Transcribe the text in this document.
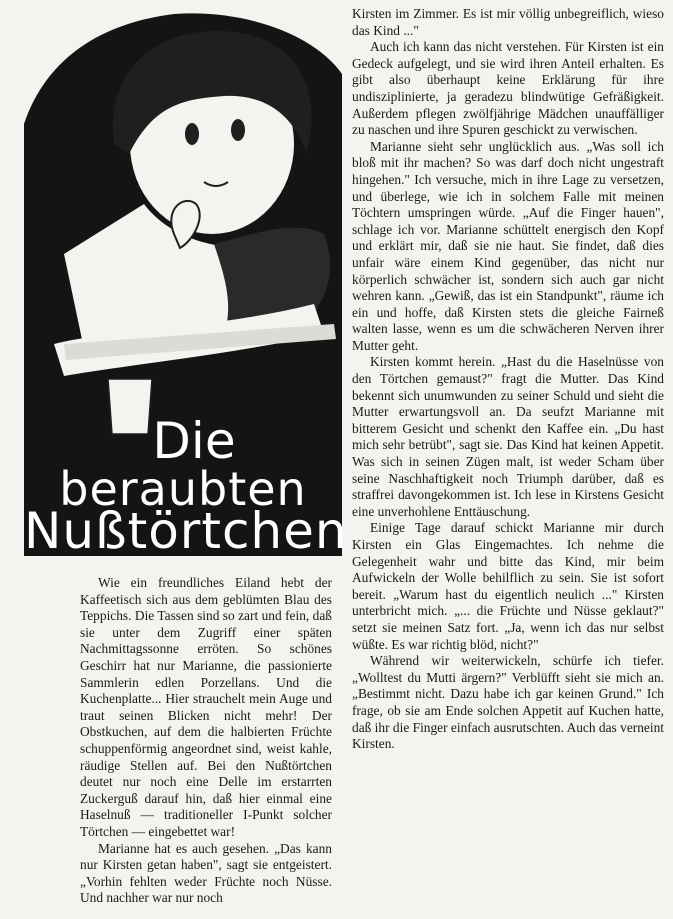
Die
beraubten
Nußtörtchen

Wie ein freundliches Eiland hebt der Kaffeetisch sich aus dem geblümten Blau des Teppichs. Die Tassen sind so zart und fein, daß sie unter dem Zugriff einer späten Nachmittagssonne erröten. So schönes Geschirr hat nur Marianne, die passionierte Sammlerin edlen Porzellans. Und die Kuchenplatte... Hier strauchelt mein Auge und traut seinen Blicken nicht mehr! Der Obstkuchen, auf dem die halbierten Früchte schuppenförmig angeordnet sind, weist kahle, räudige Stellen auf. Bei den Nußtörtchen deutet nur noch eine Delle im erstarrten Zuckerguß darauf hin, daß hier einmal eine Haselnuß — traditioneller I-Punkt solcher Törtchen — eingebettet war!

Marianne hat es auch gesehen. „Das kann nur Kirsten getan haben", sagt sie entgeistert. „Vorhin fehlten weder Früchte noch Nüsse. Und nachher war nur noch

Kirsten im Zimmer. Es ist mir völlig unbegreiflich, wieso das Kind ..."

Auch ich kann das nicht verstehen. Für Kirsten ist ein Gedeck aufgelegt, und sie wird ihren Anteil erhalten. Es gibt also überhaupt keine Erklärung für ihre undisziplinierte, ja geradezu blindwütige Gefräßigkeit. Außerdem pflegen zwölfjährige Mädchen unauffälliger zu naschen und ihre Spuren geschickt zu verwischen.

Marianne sieht sehr unglücklich aus. „Was soll ich bloß mit ihr machen? So was darf doch nicht ungestraft hingehen." Ich versuche, mich in ihre Lage zu versetzen, und überlege, wie ich in solchem Falle mit meinen Töchtern umspringen würde. „Auf die Finger hauen", schlage ich vor. Marianne schüttelt energisch den Kopf und erklärt mir, daß sie nie haut. Sie findet, daß dies unfair wäre einem Kind gegenüber, das nicht nur körperlich schwächer ist, sondern sich auch gar nicht wehren kann. „Gewiß, das ist ein Standpunkt", räume ich ein und hoffe, daß Kirsten stets die gleiche Fairneß walten lasse, wenn es um die schwächeren Nerven ihrer Mutter geht.

Kirsten kommt herein. „Hast du die Haselnüsse von den Törtchen gemaust?" fragt die Mutter. Das Kind bekennt sich unumwunden zu seiner Schuld und sieht die Mutter erwartungsvoll an. Da seufzt Marianne mit bitterem Gesicht und schenkt den Kaffee ein. „Du hast mich sehr betrübt", sagt sie. Das Kind hat keinen Appetit. Was sich in seinen Zügen malt, ist weder Scham über seine Naschhaftigkeit noch Triumph darüber, daß es straffrei davongekommen ist. Ich lese in Kirstens Gesicht eine unverhohlene Enttäuschung.

Einige Tage darauf schickt Marianne mir durch Kirsten ein Glas Eingemachtes. Ich nehme die Gelegenheit wahr und bitte das Kind, mir beim Aufwickeln der Wolle behilflich zu sein. Sie ist sofort bereit. „Warum hast du eigentlich neulich ..." Kirsten unterbricht mich. „... die Früchte und Nüsse geklaut?" setzt sie meinen Satz fort. „Ja, wenn ich das nur selbst wüßte. Es war richtig blöd, nicht?"

Während wir weiterwickeln, schürfe ich tiefer. „Wolltest du Mutti ärgern?" Verblüfft sieht sie mich an. „Bestimmt nicht. Dazu habe ich gar keinen Grund." Ich frage, ob sie am Ende solchen Appetit auf Kuchen hatte, daß ihr die Finger einfach ausrutschten. Auch das verneint Kirsten.
